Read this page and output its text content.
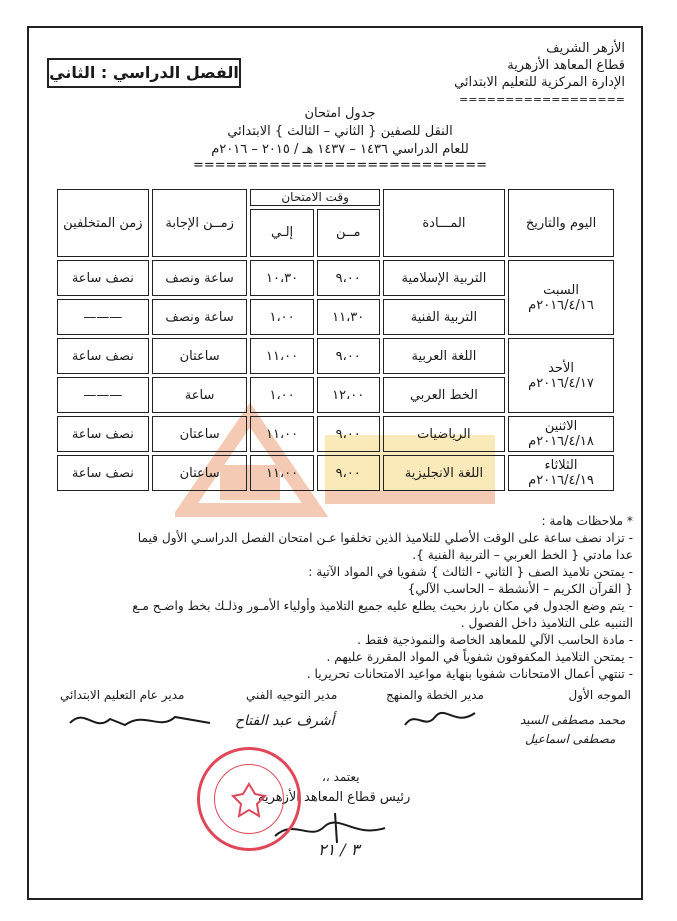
الأزهر الشريف
قطاع المعاهد الأزهرية
الإدارة المركزية للتعليم الابتدائي
==================
الفصل الدراسي : الثاني
جدول امتحان
النقل للصفين { الثاني – الثالث } الابتدائي
للعام الدراسي ١٤٣٦ – ١٤٣٧ هـ / ٢٠١٥ – ٢٠١٦م
===========================
اليوم والتاريخ	المـــادة	وقت الامتحان		زمــن الإجابة	زمن المتخلفين
		مــن	إلـي		

السبت
٢٠١٦/٤/١٦م	التربية الإسلامية	٩،٠٠	١٠،٣٠	ساعة ونصف	نصف ساعة
	التربية الفنية	١١،٣٠	١،٠٠	ساعة ونصف	———

الأحد
٢٠١٦/٤/١٧م	اللغة العربية	٩،٠٠	١١،٠٠	ساعتان	نصف ساعة
	الخط العربي	١٢،٠٠	١،٠٠	ساعة	———

الاثنين
٢٠١٦/٤/١٨م	الرياضيات	٩،٠٠	١١،٠٠	ساعتان	نصف ساعة

الثلاثاء
٢٠١٦/٤/١٩م	اللغة الانجليزية	٩،٠٠	١١،٠٠	ساعتان	نصف ساعة
* ملاحظات هامة :
- تزاد نصف ساعة على الوقت الأصلي للتلاميذ الذين تخلفوا عـن امتحان الفصل الدراسـي الأول فيما
عدا مادتي { الخط العربي – التربية الفنية }.
- يمتحن تلاميذ الصف { الثاني - الثالث } شفويا في المواد الآتية :
{ القرآن الكريم – الأنشطة – الحاسب الآلي}
- يتم وضع الجدول في مكان بارز بحيث يطلع عليه جميع التلاميذ وأولياء الأمـور وذلـك بخط واضـح مـع
التنبيه على التلاميذ داخل الفصول .
- مادة الحاسب الآلي للمعاهد الخاصة والنموذجية فقط .
- يمتحن التلاميذ المكفوفون شفوياً في المواد المقررة عليهم .
- تنتهي أعمال الامتحانات شفويا بنهاية مواعيد الامتحانات تحريريا .
الموجه الأول
مدير الخطة والمنهج
مدير التوجيه الفني
مدير عام التعليم الابتدائي
أشرف عبد الفتاح	محمد مصطفى السيد
مصطفى اسماعيل
يعتمد ،،
رئيس قطاع المعاهد الأزهرية
٣ / ٢١
